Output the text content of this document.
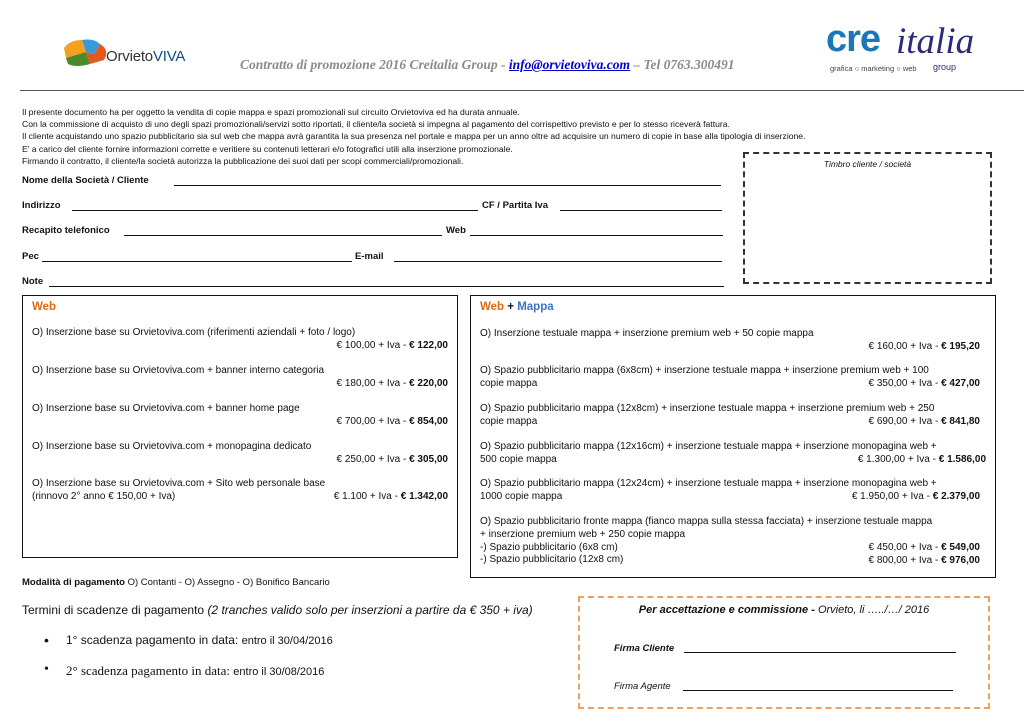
OrvietoVIVA	Contratto di promozione 2016 Creitalia Group - info@orvietoviva.com – Tel 0763.300491
cre italia
grafica ○ marketing ○ web group
Il presente documento ha per oggetto la vendita di copie mappa e spazi promozionali sul circuito Orvietoviva ed ha durata annuale.
Con la commissione di acquisto di uno degli spazi promozionali/servizi sotto riportati, il cliente/la società si impegna al pagamento del corrispettivo previsto e per lo stesso riceverà fattura.
Il cliente acquistando uno spazio pubblicitario sia sul web che mappa avrà garantita la sua presenza nel portale e mappa per un anno oltre ad acquisire un numero di copie in base alla tipologia di inserzione.
E' a carico del cliente fornire informazioni corrette e veritiere su contenuti letterari e/o fotografici utili alla inserzione promozionale.
Firmando il contratto, il cliente/la società autorizza la pubblicazione dei suoi dati per scopi commerciali/promozionali.
Nome della Società / Cliente
Indirizzo	CF / Partita Iva
Recapito telefonico	Web
Pec	E-mail
Note
Timbro cliente / società
Web
O) Inserzione base su Orvietoviva.com (riferimenti aziendali + foto / logo)
€ 100,00 + Iva - € 122,00
O) Inserzione base su Orvietoviva.com + banner interno categoria
€ 180,00 + Iva - € 220,00
O) Inserzione base su Orvietoviva.com + banner home page
€ 700,00 + Iva - € 854,00
O) Inserzione base su Orvietoviva.com + monopagina dedicato
€ 250,00 + Iva - € 305,00
O) Inserzione base su Orvietoviva.com + Sito web personale base
(rinnovo 2° anno € 150,00 + Iva)	€ 1.100 + Iva - € 1.342,00
Web + Mappa
O) Inserzione testuale mappa + inserzione premium web + 50 copie mappa
€ 160,00 + Iva - € 195,20
O) Spazio pubblicitario mappa (6x8cm) + inserzione testuale mappa + inserzione premium web + 100
copie mappa	€ 350,00 + Iva - € 427,00
O) Spazio pubblicitario mappa (12x8cm) + inserzione testuale mappa + inserzione premium web + 250
copie mappa	€ 690,00 + Iva - € 841,80
O) Spazio pubblicitario mappa (12x16cm) + inserzione testuale mappa + inserzione monopagina web +
500 copie mappa	€ 1.300,00 + Iva - € 1.586,00
O) Spazio pubblicitario mappa (12x24cm) + inserzione testuale mappa + inserzione monopagina web +
1000 copie mappa	€ 1.950,00 + Iva - € 2.379,00
O) Spazio pubblicitario fronte mappa (fianco mappa sulla stessa facciata) + inserzione testuale mappa
+ inserzione premium web + 250 copie mappa
-) Spazio pubblicitario (6x8 cm)	€ 450,00 + Iva - € 549,00
-) Spazio pubblicitario (12x8 cm)	€ 800,00 + Iva - € 976,00
Modalità di pagamento O) Contanti - O) Assegno - O) Bonifico Bancario
Termini di scadenze di pagamento (2 tranches valido solo per inserzioni a partire da € 350 + iva)
• 1° scadenza pagamento in data: entro il 30/04/2016
• 2° scadenza pagamento in data: entro il 30/08/2016
Per accettazione e commissione - Orvieto, li …../…/ 2016
Firma Cliente
Firma Agente
